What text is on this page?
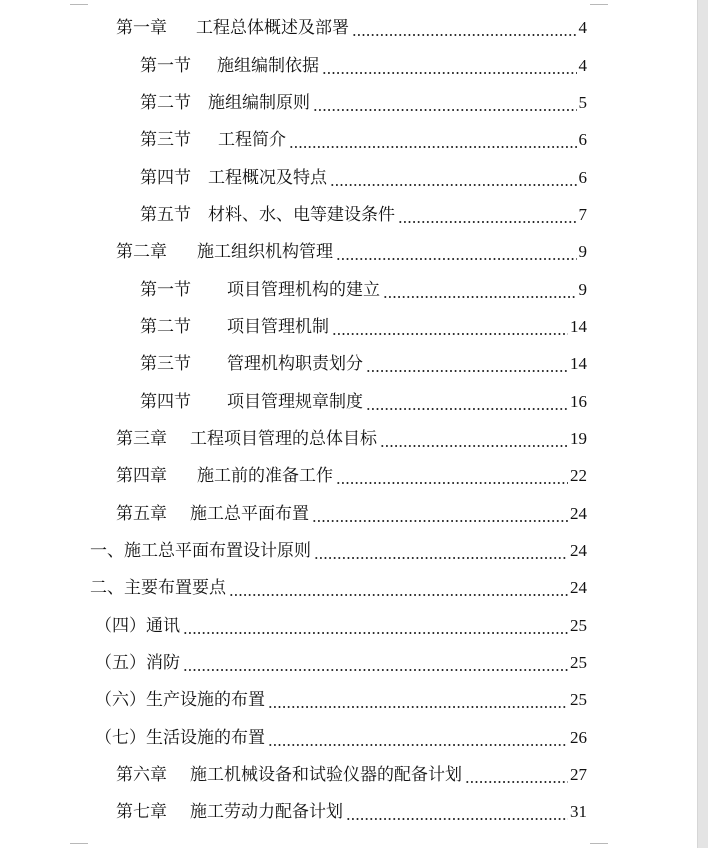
第一章 工程总体概述及部署	4
第一节 施组编制依据	4
第二节 施组编制原则	5
第三节 工程简介	6
第四节 工程概况及特点	6
第五节 材料、水、电等建设条件	7
第二章 施工组织机构管理	9
第一节 项目管理机构的建立	9
第二节 项目管理机制	14
第三节 管理机构职责划分	14
第四节 项目管理规章制度	16
第三章 工程项目管理的总体目标	19
第四章 施工前的准备工作	22
第五章 施工总平面布置	24
一、 施工总平面布置设计原则	24
二、 主要布置要点	24
（四） 通讯	25
（五） 消防	25
（六） 生产设施的布置	25
（七） 生活设施的布置	26
第六章 施工机械设备和试验仪器的配备计划	27
第七章 施工劳动力配备计划	31
